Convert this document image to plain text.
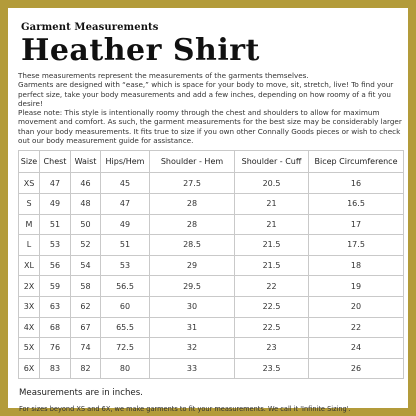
Garment Measurements
Heather Shirt

These measurements represent the measurements of the garments themselves.

Garments are designed with “ease,” which is space for your body to move, sit, stretch, live! To find your perfect size, take your body measurements and add a few inches, depending on how roomy of a fit you desire!

Please note: This style is intentionally roomy through the chest and shoulders to allow for maximum movement and comfort. As such, the garment measurements for the best size may be considerably larger than your body measurements. It fits true to size if you own other Connally Goods pieces or wish to check out our body measurement guide for assistance.

Size	Chest	Waist	Hips/Hem	Shoulder - Hem	Shoulder - Cuff	Bicep Circumference
XS	47	46	45	27.5	20.5	16
S	49	48	47	28	21	16.5
M	51	50	49	28	21	17
L	53	52	51	28.5	21.5	17.5
XL	56	54	53	29	21.5	18
2X	59	58	56.5	29.5	22	19
3X	63	62	60	30	22.5	20
4X	68	67	65.5	31	22.5	22
5X	76	74	72.5	32	23	24
6X	83	82	80	33	23.5	26
Measurements are in inches.
For sizes beyond XS and 6X, we make garments to fit your measurements. We call it 'Infinite Sizing'.
